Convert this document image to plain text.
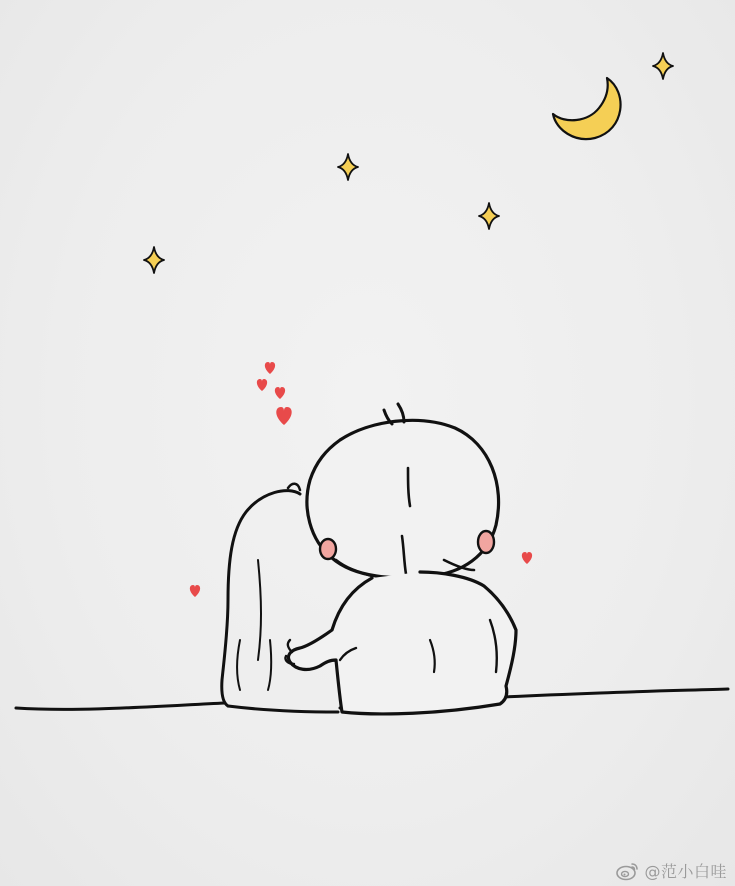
@范小白哇
